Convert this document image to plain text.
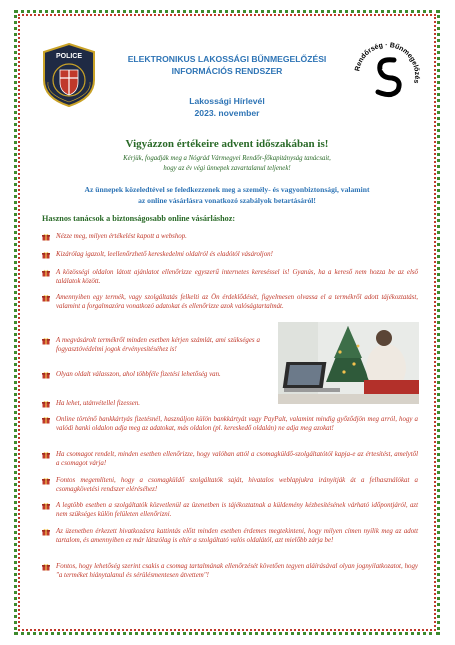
POLICE	ELEKTRONIKUS LAKOSSÁGI BŰNMEGELŐZÉSI
INFORMÁCIÓS RENDSZER
Lakossági Hírlevél
2023. november
Rendőrség · Bűnmegelőzés
Vigyázzon értékeire advent időszakában is!
Kérjük, fogadják meg a Nógrád Vármegyei Rendőr-főkapitányság tanácsait,
hogy az év végi ünnepek zavartalanul teljenek!
Az ünnepek közeledtével se feledkezzenek meg a személy- és vagyonbiztonsági, valamint
az online vásárlásra vonatkozó szabályok betartásáról!
Hasznos tanácsok a biztonságosabb online vásárláshoz:
Nézze meg, milyen értékelést kapott a webshop.
Kizárólag igazolt, leellenőrzhető kereskedelmi oldalról és eladótól vásároljon!
A közösségi oldalon látott ajánlatot ellenőrizze egyszerű internetes kereséssel is! Gyanús, ha a kereső nem hozza be az első találatok között.
Amennyiben egy termék, vagy szolgáltatás felkelti az Ön érdeklődését, figyelmesen olvassa el a termékről adott tájékoztatást, valamint a forgalmazóra vonatkozó adatokat és ellenőrizze azok valóságtartalmát.
A megvásárolt termékről minden esetben kérjen számlát, ami szükséges a fogyasztóvédelmi jogok érvényesítéséhez is!
Olyan oldalt válasszon, ahol többféle fizetési lehetőség van.
Ha lehet, utánvétellel fizessen.
Online történő bankkártyás fizetésnél, használjon külön bankkártyát vagy PayPalt, valamint mindig győződjön meg arról, hogy a valódi banki oldalon adja meg az adatokat, más oldalon (pl. kereskedő oldalán) ne adja meg azokat!
Ha csomagot rendelt, minden esetben ellenőrizze, hogy valóban attól a csomagküldő-szolgáltatótól kapja-e az értesítést, amelytől a csomagot várja!
Fontos megemlíteni, hogy a csomagküldő szolgáltatók saját, hivatalos weblapjukra irányítják át a felhasználókat a csomagkövetési rendszer eléréséhez!
A legtöbb esetben a szolgáltatók közvetlenül az üzenetben is tájékoztatnak a küldemény kézbesítésének várható időpontjáról, azt nem szükséges külön felületen ellenőrizni.
Az üzenetben érkezett hivatkozásra kattintás előtt minden esetben érdemes megtekinteni, hogy milyen címen nyílik meg az adott tartalom, és amennyiben ez már látszólag is eltér a szolgáltató valós oldalától, azt mielőbb zárja be!
Fontos, hogy lehetőség szerint csakis a csomag tartalmának ellenőrzését követően tegyen aláírásával olyan jognyilatkozatot, hogy "a terméket hiánytalanul és sérülésmentesen átvettem"!
